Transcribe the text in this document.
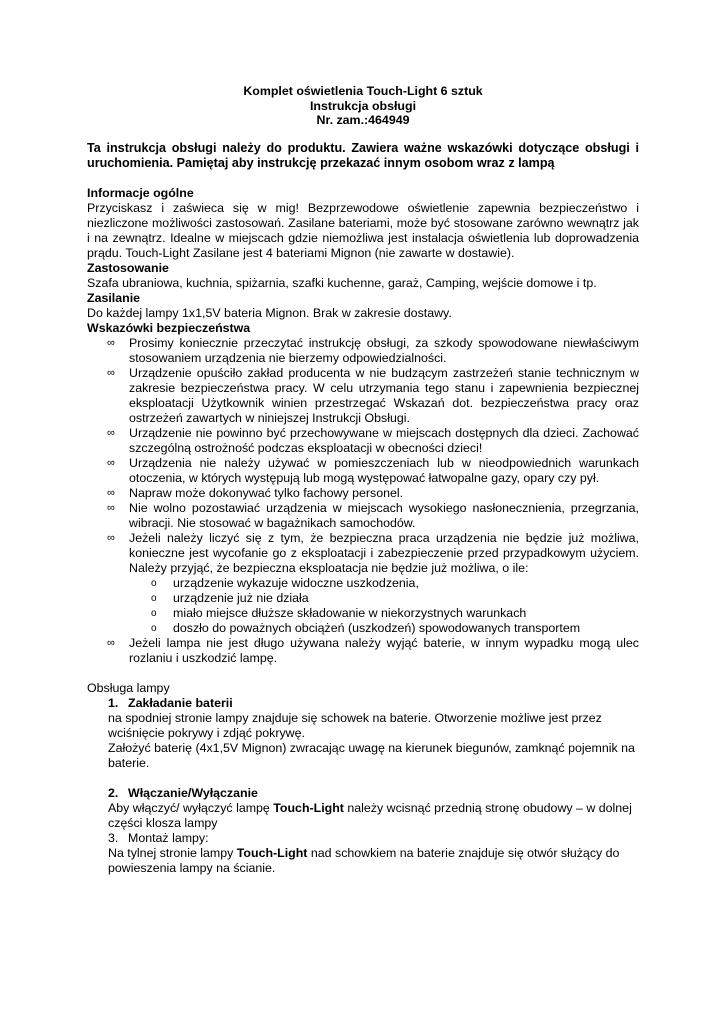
Komplet oświetlenia Touch-Light 6 sztuk
Instrukcja obsługi
Nr. zam.:464949

Ta instrukcja obsługi należy do produktu. Zawiera ważne wskazówki dotyczące obsługi i uruchomienia. Pamiętaj aby instrukcję przekazać innym osobom wraz z lampą

Informacje ogólne

Przyciskasz i zaświeca się w mig! Bezprzewodowe oświetlenie zapewnia bezpieczeństwo i niezliczone możliwości zastosowań. Zasilane bateriami, może być stosowane zarówno wewnątrz jak i na zewnątrz. Idealne w miejscach gdzie niemożliwa jest instalacja oświetlenia lub doprowadzenia prądu. Touch-Light Zasilane jest 4 bateriami Mignon (nie zawarte w dostawie).

Zastosowanie

Szafa ubraniowa, kuchnia, spiżarnia, szafki kuchenne, garaż, Camping, wejście domowe i tp.

Zasilanie

Do każdej lampy 1x1,5V bateria Mignon. Brak w zakresie dostawy.

Wskazówki bezpieczeństwa
∞ Prosimy koniecznie przeczytać instrukcję obsługi, za szkody spowodowane niewłaściwym stosowaniem urządzenia nie bierzemy odpowiedzialności.
∞ Urządzenie opuściło zakład producenta w nie budzącym zastrzeżeń stanie technicznym w zakresie bezpieczeństwa pracy. W celu utrzymania tego stanu i zapewnienia bezpiecznej eksploatacji Użytkownik winien przestrzegać Wskazań dot. bezpieczeństwa pracy oraz ostrzeżeń zawartych w niniejszej Instrukcji Obsługi.
∞ Urządzenie nie powinno być przechowywane w miejscach dostępnych dla dzieci. Zachować szczególną ostrożność podczas eksploatacji w obecności dzieci!
∞ Urządzenia nie należy używać w pomieszczeniach lub w nieodpowiednich warunkach otoczenia, w których występują lub mogą występować łatwopalne gazy, opary czy pył.
∞ Napraw może dokonywać tylko fachowy personel.
∞ Nie wolno pozostawiać urządzenia w miejscach wysokiego nasłonecznienia, przegrzania, wibracji. Nie stosować w bagażnikach samochodów.
∞ Jeżeli należy liczyć się z tym, że bezpieczna praca urządzenia nie będzie już możliwa, konieczne jest wycofanie go z eksploatacji i zabezpieczenie przed przypadkowym użyciem. Należy przyjąć, że bezpieczna eksploatacja nie będzie już możliwa, o ile:
o urządzenie wykazuje widoczne uszkodzenia,
o urządzenie już nie działa
o miało miejsce dłuższe składowanie w niekorzystnych warunkach
o doszło do poważnych obciążeń (uszkodzeń) spowodowanych transportem
∞ Jeżeli lampa nie jest długo używana należy wyjąć baterie, w innym wypadku mogą ulec rozlaniu i uszkodzić lampę.
Obsługa lampy
1. Zakładanie baterii

na spodniej stronie lampy znajduje się schowek na baterie. Otworzenie możliwe jest przez wciśnięcie pokrywy i zdjąć pokrywę.

Założyć baterię (4x1,5V Mignon) zwracając uwagę na kierunek biegunów, zamknąć pojemnik na baterie.

2. Włączanie/Wyłączanie

Aby włączyć/ wyłączyć lampę Touch-Light należy wcisnąć przednią stronę obudowy – w dolnej części klosza lampy

3. Montaż lampy:

Na tylnej stronie lampy Touch-Light nad schowkiem na baterie znajduje się otwór służący do powieszenia lampy na ścianie.
